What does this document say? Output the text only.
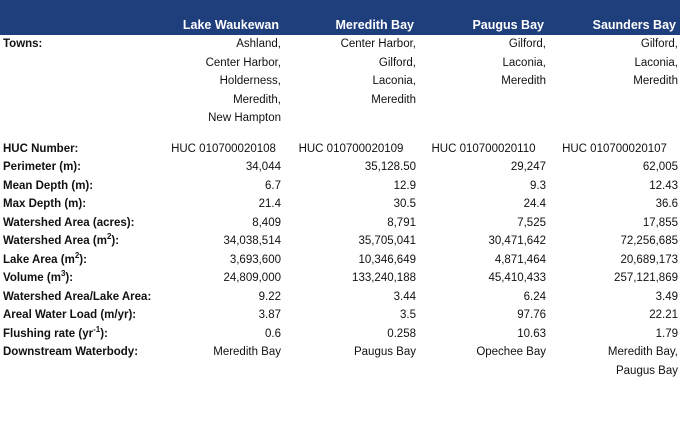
	Lake Waukewan	Meredith Bay	Paugus Bay	Saunders Bay
Towns:	Ashland,
Center Harbor,
Holderness,
Meredith,
New Hampton	Center Harbor,
Gilford,
Laconia,
Meredith	Gilford,
Laconia,
Meredith	Gilford,
Laconia,
Meredith

HUC Number:	HUC 010700020108	HUC 010700020109	HUC 010700020110	HUC 010700020107
Perimeter (m):	34,044	35,128.50	29,247	62,005
Mean Depth (m):	6.7	12.9	9.3	12.43
Max Depth (m):	21.4	30.5	24.4	36.6
Watershed Area (acres):	8,409	8,791	7,525	17,855
Watershed Area $(m^2)$:	34,038,514	35,705,041	30,471,642	72,256,685
Lake Area $(m^2)$:	3,693,600	10,346,649	4,871,464	20,689,173
Volume $(m^3)$:	24,809,000	133,240,188	45,410,433	257,121,869
Watershed Area/Lake Area:	9.22	3.44	6.24	3.49
Areal Water Load (m/yr):	3.87	3.5	97.76	22.21
Flushing rate $(yr^{-1})$:	0.6	0.258	10.63	1.79
Downstream Waterbody:	Meredith Bay	Paugus Bay	Opechee Bay	Meredith Bay,
Paugus Bay
